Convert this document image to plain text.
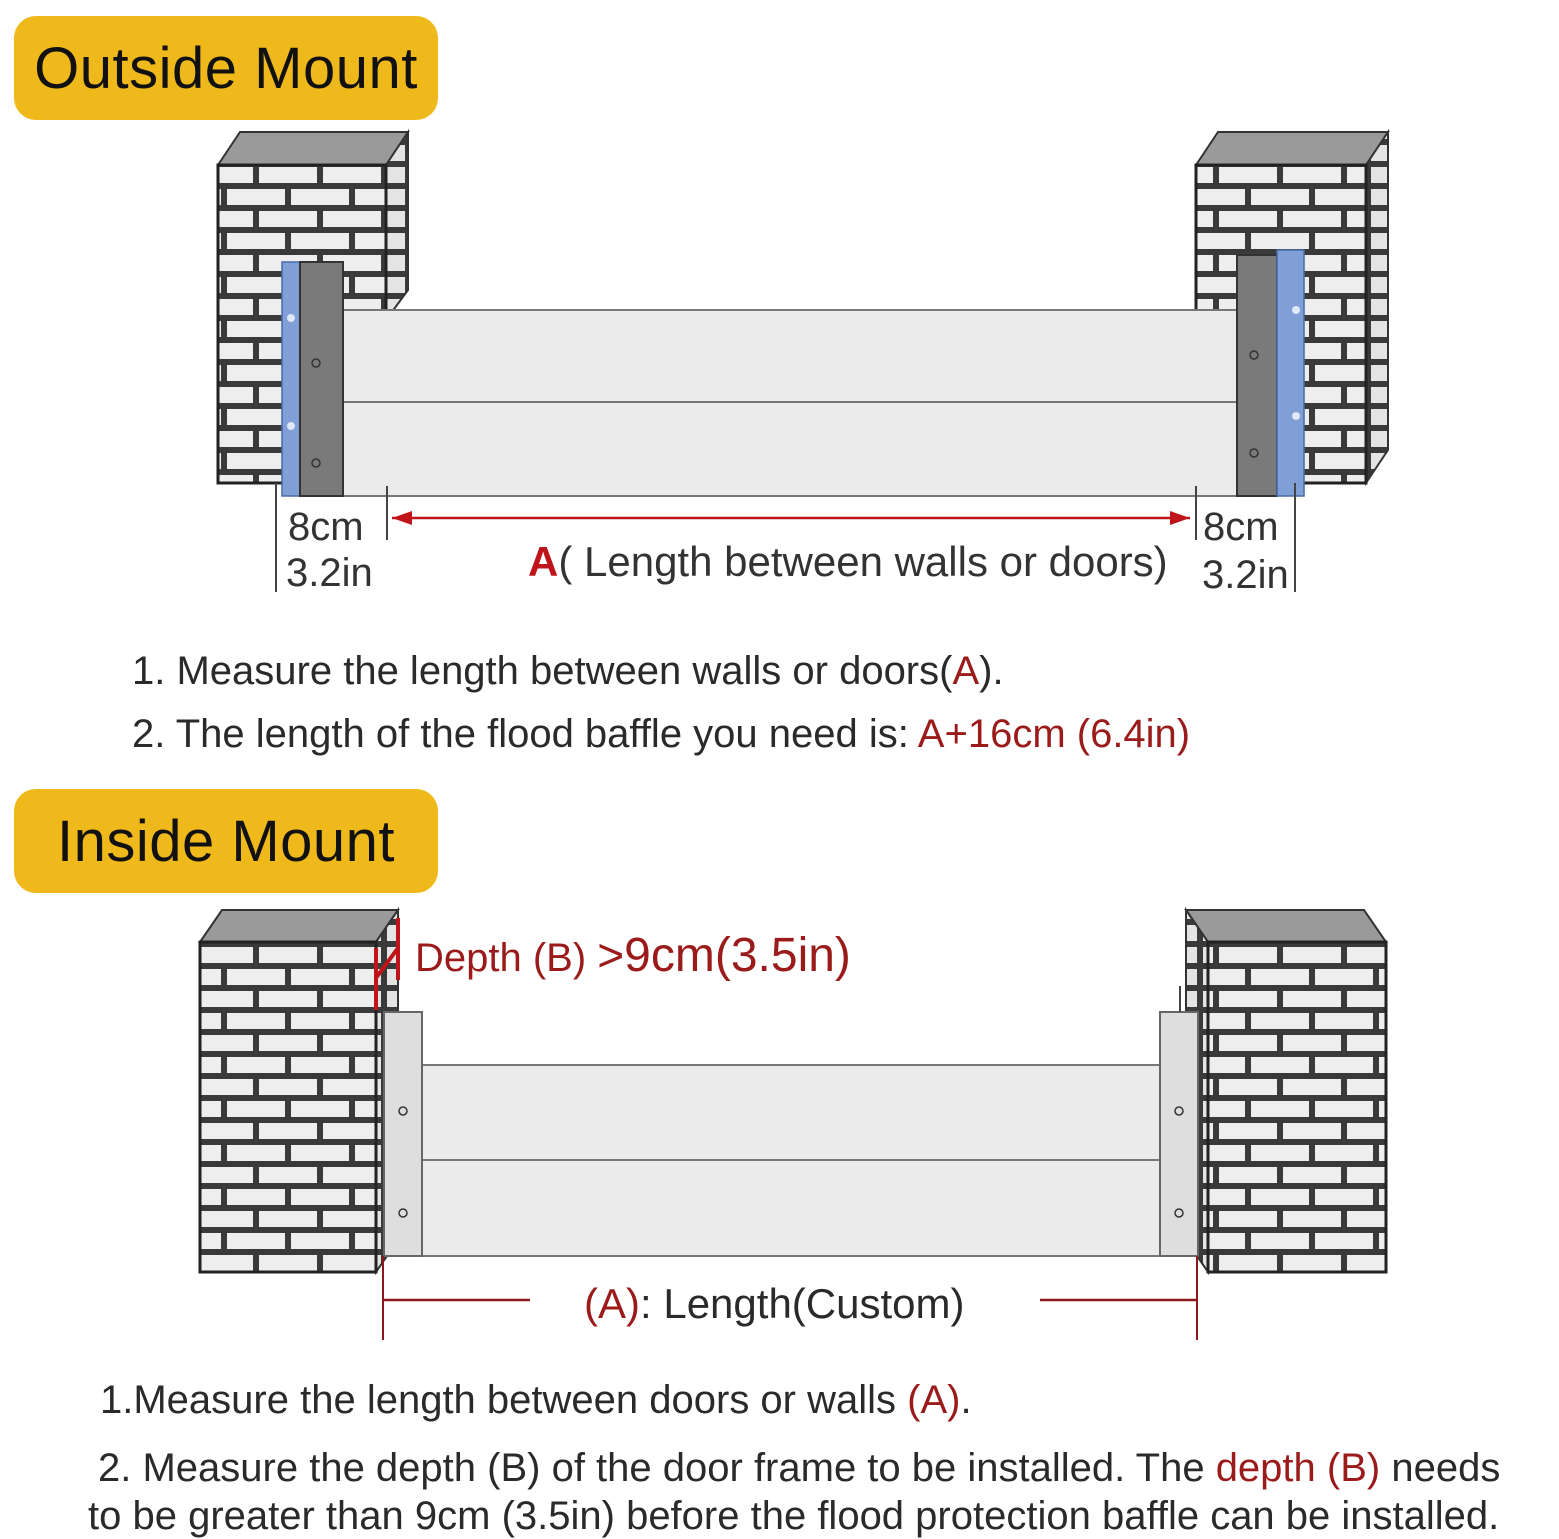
Outside Mount
8cm
3.2in
8cm
3.2in
A( Length between walls or doors)
1. Measure the length between walls or doors(A).
2. The length of the flood baffle you need is: A+16cm (6.4in)
Inside Mount
Depth (B) >9cm(3.5in)
(A): Length(Custom)
1.Measure the length between doors or walls (A).
2. Measure the depth (B) of the door frame to be installed. The depth (B) needs
to be greater than 9cm (3.5in) before the flood protection baffle can be installed.
